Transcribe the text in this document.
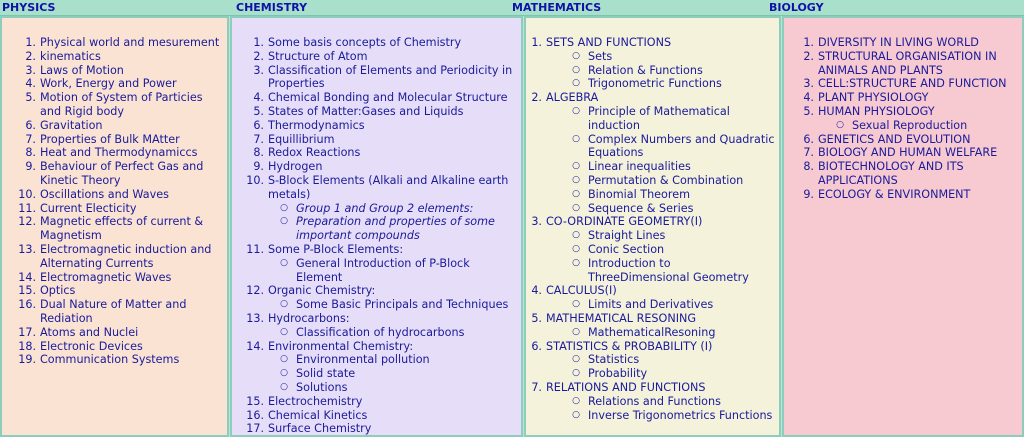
PHYSICS	CHEMISTRY	MATHEMATICS	BIOLOGY
1. Physical world and mesurement
2. kinematics
3. Laws of Motion
4. Work, Energy and Power
5. Motion of System of Particies and Rigid body
6. Gravitation
7. Properties of Bulk MAtter
8. Heat and Thermodynamiccs
9. Behaviour of Perfect Gas and Kinetic Theory
10. Oscillations and Waves
11. Current Electicity
12. Magnetic effects of current & Magnetism
13. Electromagnetic induction and Alternating Currents
14. Electromagnetic Waves
15. Optics
16. Dual Nature of Matter and Rediation
17. Atoms and Nuclei
18. Electronic Devices
19. Communication Systems
1. Some basis concepts of Chemistry
2. Structure of Atom
3. Classification of Elements and Periodicity in Properties
4. Chemical Bonding and Molecular Structure
5. States of Matter:Gases and Liquids
6. Thermodynamics
7. Equillibrium
8. Redox Reactions
9. Hydrogen
10. S-Block Elements (Alkali and Alkaline earth metals)
○ Group 1 and Group 2 elements:
○ Preparation and properties of some important compounds
11. Some P-Block Elements:
○ General Introduction of P-Block Element
12. Organic Chemistry:
○ Some Basic Principals and Techniques
13. Hydrocarbons:
○ Classification of hydrocarbons
14. Environmental Chemistry:
○ Environmental pollution
○ Solid state
○ Solutions
15. Electrochemistry
16. Chemical Kinetics
17. Surface Chemistry
1. SETS AND FUNCTIONS
○ Sets
○ Relation & Functions
○ Trigonometric Functions
2. ALGEBRA
○ Principle of Mathematical induction
○ Complex Numbers and Quadratic Equations
○ Linear inequalities
○ Permutation & Combination
○ Binomial Theorem
○ Sequence & Series
3. CO-ORDINATE GEOMETRY(I)
○ Straight Lines
○ Conic Section
○ Introduction to ThreeDimensional Geometry
4. CALCULUS(I)
○ Limits and Derivatives
5. MATHEMATICAL RESONING
○ MathematicalResoning
6. STATISTICS & PROBABILITY (I)
○ Statistics
○ Probability
7. RELATIONS AND FUNCTIONS
○ Relations and Functions
○ Inverse Trigonometrics Functions
1. DIVERSITY IN LIVING WORLD
2. STRUCTURAL ORGANISATION IN ANIMALS AND PLANTS
3. CELL:STRUCTURE AND FUNCTION
4. PLANT PHYSIOLOGY
5. HUMAN PHYSIOLOGY
○ Sexual Reproduction
6. GENETICS AND EVOLUTION
7. BIOLOGY AND HUMAN WELFARE
8. BIOTECHNOLOGY AND ITS APPLICATIONS
9. ECOLOGY & ENVIRONMENT
